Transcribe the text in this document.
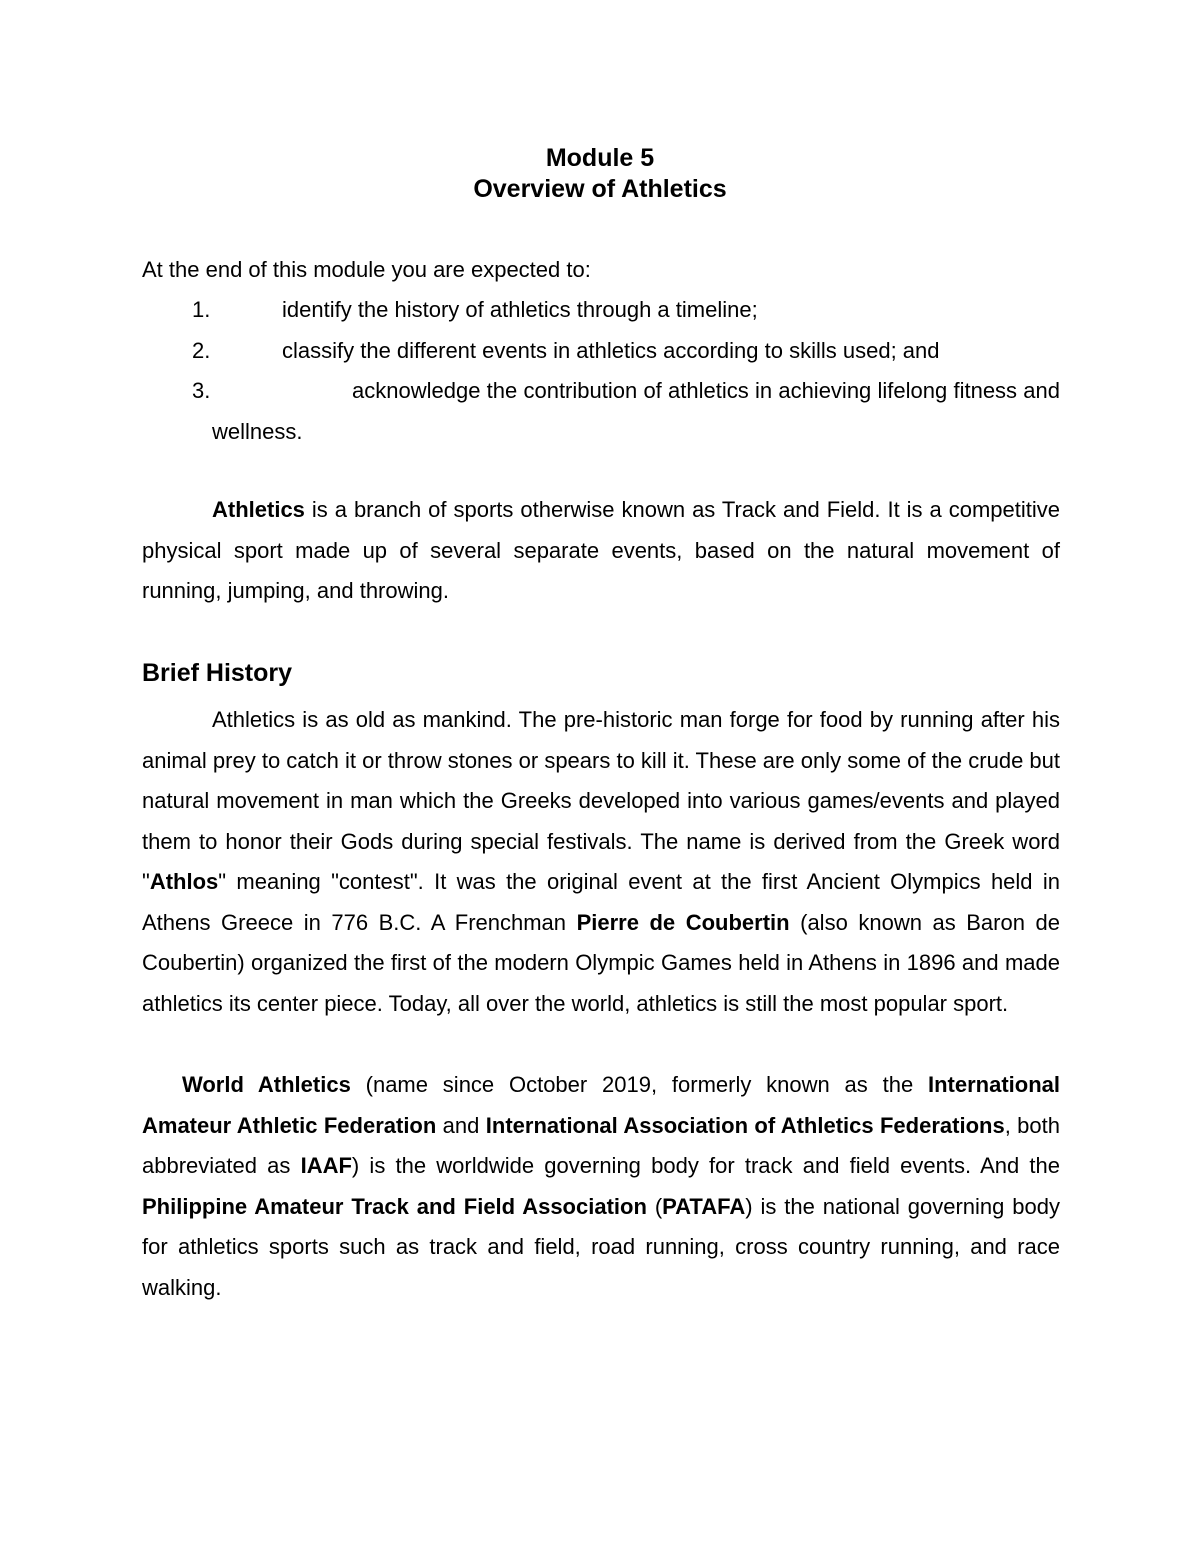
Module 5
Overview of Athletics
At the end of this module you are expected to:
1.	identify the history of athletics through a timeline;
2.	classify the different events in athletics according to skills used; and
3.	acknowledge the contribution of athletics in achieving lifelong fitness and wellness.

Athletics is a branch of sports otherwise known as Track and Field. It is a competitive physical sport made up of several separate events, based on the natural movement of running, jumping, and throwing.

Brief History

Athletics is as old as mankind. The pre-historic man forge for food by running after his animal prey to catch it or throw stones or spears to kill it. These are only some of the crude but natural movement in man which the Greeks developed into various games/events and played them to honor their Gods during special festivals. The name is derived from the Greek word "Athlos" meaning "contest". It was the original event at the first Ancient Olympics held in Athens Greece in 776 B.C. A Frenchman Pierre de Coubertin (also known as Baron de Coubertin) organized the first of the modern Olympic Games held in Athens in 1896 and made athletics its center piece. Today, all over the world, athletics is still the most popular sport.

World Athletics (name since October 2019, formerly known as the International Amateur Athletic Federation and International Association of Athletics Federations, both abbreviated as IAAF) is the worldwide governing body for track and field events. And the Philippine Amateur Track and Field Association (PATAFA) is the national governing body for athletics sports such as track and field, road running, cross country running, and race walking.
